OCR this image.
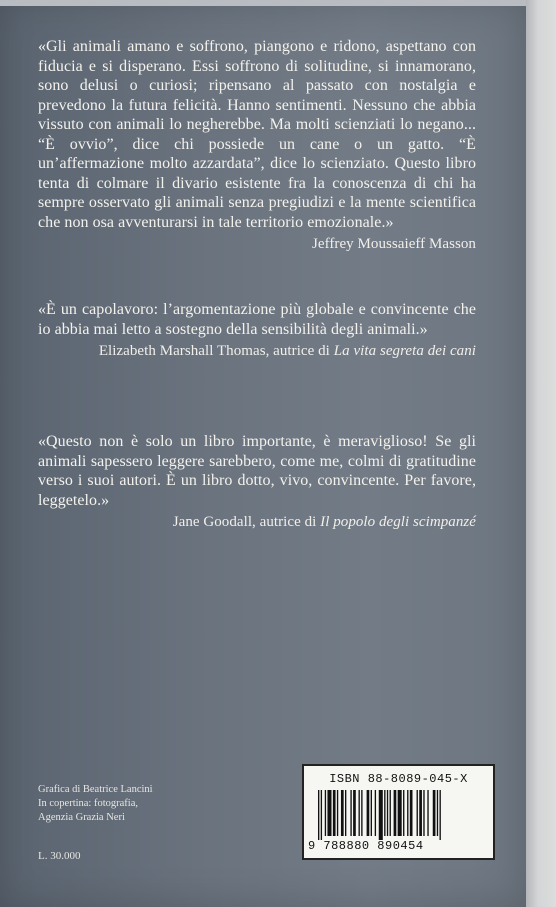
«Gli animali amano e soffrono, piangono e ridono, aspettano con fiducia e si disperano. Essi soffrono di solitudine, si innamorano, sono delusi o curiosi; ripensano al passato con nostalgia e prevedono la futura felicità. Hanno sentimenti. Nessuno che abbia vissuto con animali lo negherebbe. Ma molti scienziati lo negano... “È ovvio”, dice chi possiede un cane o un gatto. “È un’affermazione molto azzardata”, dice lo scienziato. Questo libro tenta di colmare il divario esistente fra la conoscenza di chi ha sempre osservato gli animali senza pregiudizi e la mente scientifica che non osa avventurarsi in tale territorio emozionale.»

Jeffrey Moussaieff Masson

«È un capolavoro: l’argomentazione più globale e convincente che io abbia mai letto a sostegno della sensibilità degli animali.»

Elizabeth Marshall Thomas, autrice di La vita segreta dei cani

«Questo non è solo un libro importante, è meraviglioso! Se gli animali sapessero leggere sarebbero, come me, colmi di gratitudine verso i suoi autori. È un libro dotto, vivo, convincente. Per favore, leggetelo.»

Jane Goodall, autrice di Il popolo degli scimpanzé
Grafica di Beatrice Lancini
In copertina: fotografia,
Agenzia Grazia Neri
L. 30.000
ISBN 88-8089-045-X
9 788880 890454
